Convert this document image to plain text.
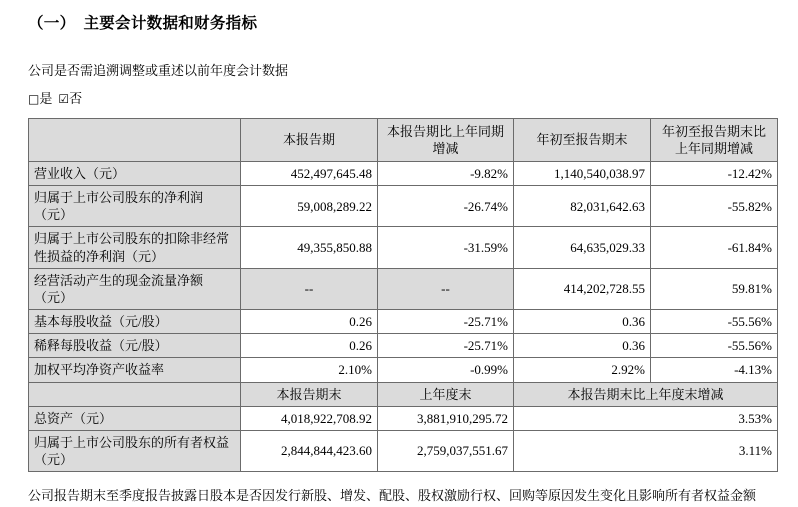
（一）　主要会计数据和财务指标
公司是否需追溯调整或重述以前年度会计数据
□是 ☑否
	本报告期	本报告期比上年同期增减	年初至报告期末	年初至报告期末比上年同期增减
营业收入（元）	452,497,645.48	-9.82%	1,140,540,038.97	-12.42%
归属于上市公司股东的净利润（元）	59,008,289.22	-26.74%	82,031,642.63	-55.82%
归属于上市公司股东的扣除非经常性损益的净利润（元）	49,355,850.88	-31.59%	64,635,029.33	-61.84%
经营活动产生的现金流量净额（元）	--	--	414,202,728.55	59.81%
基本每股收益（元/股）	0.26	-25.71%	0.36	-55.56%
稀释每股收益（元/股）	0.26	-25.71%	0.36	-55.56%
加权平均净资产收益率	2.10%	-0.99%	2.92%	-4.13%
	本报告期末	上年度末	本报告期末比上年度末增减	
总资产（元）	4,018,922,708.92	3,881,910,295.72	3.53%	
归属于上市公司股东的所有者权益（元）	2,844,844,423.60	2,759,037,551.67	3.11%	
公司报告期末至季度报告披露日股本是否因发行新股、增发、配股、股权激励行权、回购等原因发生变化且影响所有者权益金额
